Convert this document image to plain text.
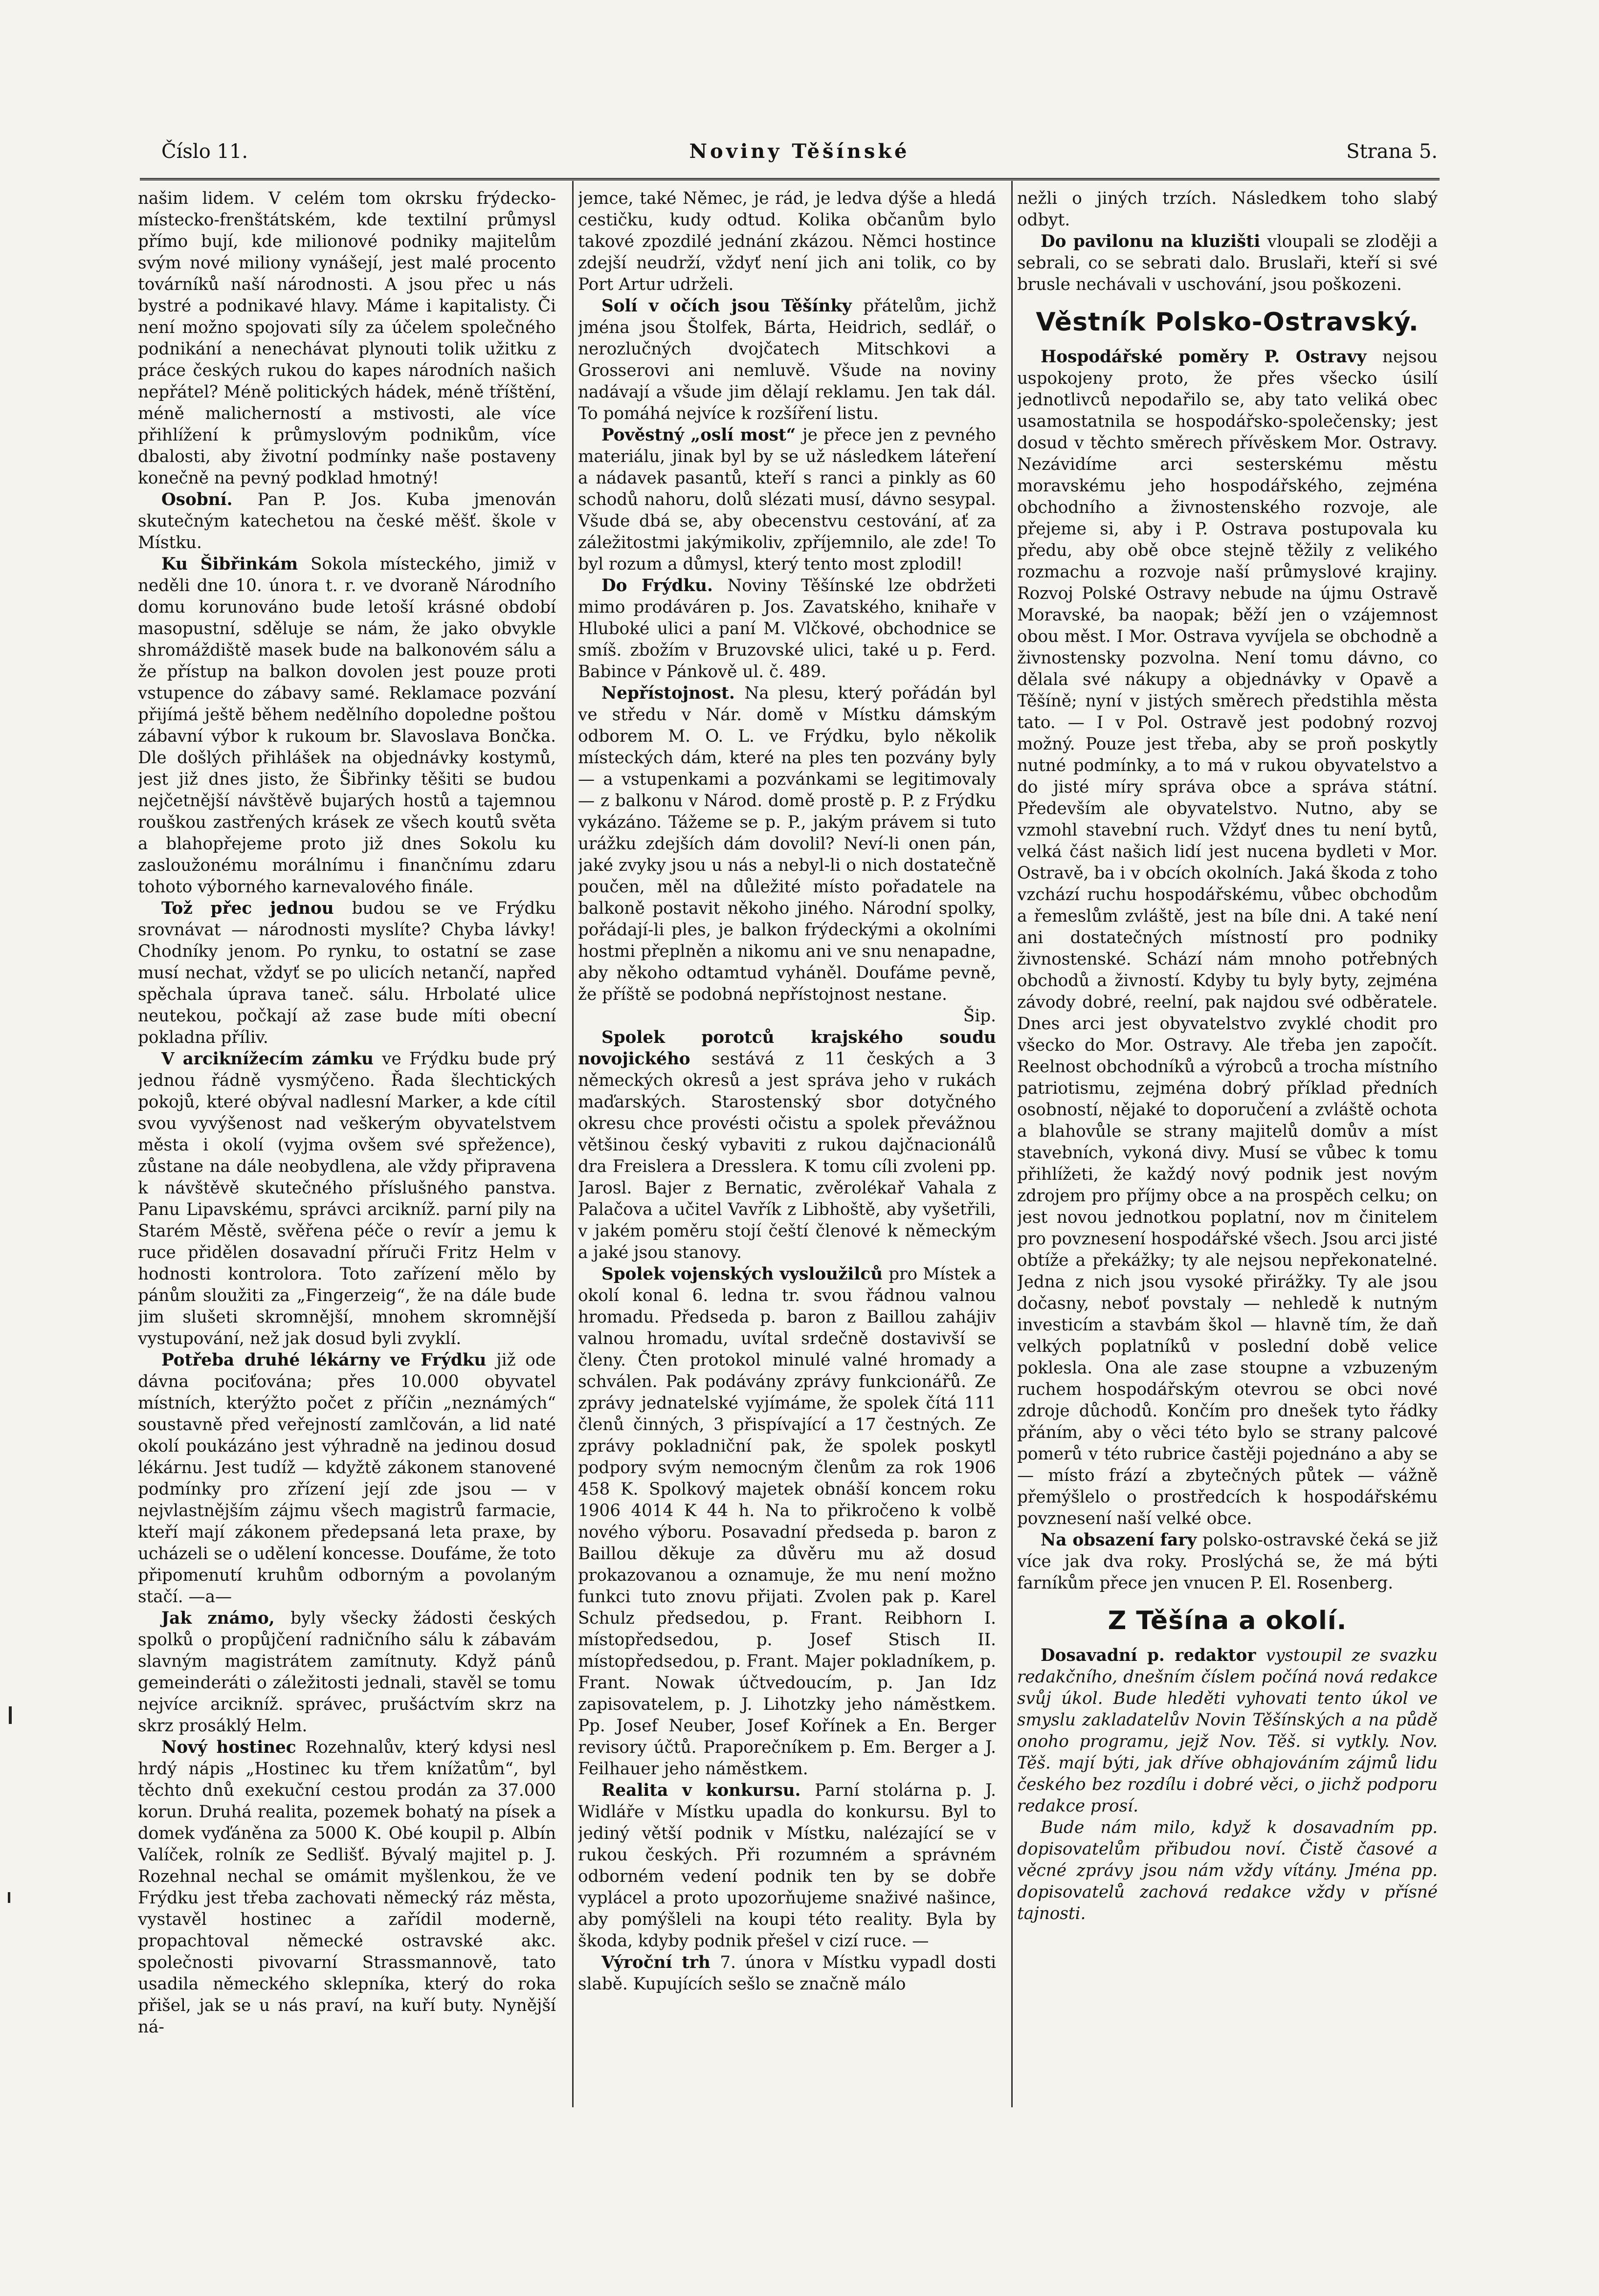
Číslo 11.	Noviny Těšínské	Strana 5.

našim lidem. V celém tom okrsku frýdecko-místecko-frenštátském, kde textilní průmysl přímo bují, kde milionové podniky majitelům svým nové miliony vynášejí, jest malé procento továrníků naší národnosti. A jsou přec u nás bystré a podnikavé hlavy. Máme i kapitalisty. Či není možno spojovati síly za účelem společného podnikání a nenechávat plynouti tolik užitku z práce českých rukou do kapes národních našich nepřátel? Méně politických hádek, méně tříštění, méně malicherností a mstivosti, ale více přihlížení k průmyslovým podnikům, více dbalosti, aby životní podmínky naše postaveny konečně na pevný podklad hmotný!

Osobní. Pan P. Jos. Kuba jmenován skutečným katechetou na české měšť. škole v Místku.

Ku Šibřinkám Sokola místeckého, jimiž v neděli dne 10. února t. r. ve dvoraně Národního domu korunováno bude letoší krásné období masopustní, sděluje se nám, že jako obvykle shromáždiště masek bude na balkonovém sálu a že přístup na balkon dovolen jest pouze proti vstupence do zábavy samé. Reklamace pozvání přijímá ještě během nedělního dopoledne poštou zábavní výbor k rukoum br. Slavoslava Bončka. Dle došlých přihlášek na objednávky kostymů, jest již dnes jisto, že Šibřinky těšiti se budou nejčetnější návštěvě bujarých hostů a tajemnou rouškou zastřených krásek ze všech koutů světa a blahopřejeme proto již dnes Sokolu ku zasloužonému morálnímu i finančnímu zdaru tohoto výborného karnevalového finále.

Tož přec jednou budou se ve Frýdku srovnávat — národnosti myslíte? Chyba lávky! Chodníky jenom. Po rynku, to ostatní se zase musí nechat, vždyť se po ulicích netančí, napřed spěchala úprava taneč. sálu. Hrbolaté ulice neutekou, počkají až zase bude míti obecní pokladna příliv.

V arciknížecím zámku ve Frýdku bude prý jednou řádně vysmýčeno. Řada šlechtických pokojů, které obýval nadlesní Marker, a kde cítil svou vyvýšenost nad veškerým obyvatelstvem města i okolí (vyjma ovšem své spřežence), zůstane na dále neobydlena, ale vždy připravena k návštěvě skutečného příslušného panstva. Panu Lipavskému, správci arcikníž. parní pily na Starém Městě, svěřena péče o revír a jemu k ruce přidělen dosavadní příruči Fritz Helm v hodnosti kontrolora. Toto zařízení mělo by pánům sloužiti za „Fingerzeig“, že na dále bude jim slušeti skromnější, mnohem skromnější vystupování, než jak dosud byli zvyklí.

Potřeba druhé lékárny ve Frýdku již ode dávna pociťována; přes 10.000 obyvatel místních, kterýžto počet z příčin „neznámých“ soustavně před veřejností zamlčován, a lid naté okolí poukázáno jest výhradně na jedinou dosud lékárnu. Jest tudíž — kdyžtě zákonem stanovené podmínky pro zřízení její zde jsou — v nejvlastnějším zájmu všech magistrů farmacie, kteří mají zákonem předepsaná leta praxe, by ucházeli se o udělení koncesse. Doufáme, že toto připomenutí kruhům odborným a povolaným stačí. —a—

Jak známo, byly všecky žádosti českých spolků o propůjčení radničního sálu k zábavám slavným magistrátem zamítnuty. Když pánů gemeinderáti o záležitosti jednali, stavěl se tomu nejvíce arcikníž. správec, prušáctvím skrz na skrz prosáklý Helm.

Nový hostinec Rozehnalův, který kdysi nesl hrdý nápis „Hostinec ku třem knížatům“, byl těchto dnů exekuční cestou prodán za 37.000 korun. Druhá realita, pozemek bohatý na písek a domek vyďáněna za 5000 K. Obé koupil p. Albín Valíček, rolník ze Sedlišť. Bývalý majitel p. J. Rozehnal nechal se omámit myšlenkou, že ve Frýdku jest třeba zachovati německý ráz města, vystavěl hostinec a zařídil moderně, propachtoval německé ostravské akc. společnosti pivovarní Strassmannově, tato usadila německého sklepníka, který do roka přišel, jak se u nás praví, na kuří buty. Nynější ná-

jemce, také Němec, je rád, je ledva dýše a hledá cestičku, kudy odtud. Kolika občanům bylo takové zpozdilé jednání zkázou. Němci hostince zdejší neudrží, vždyť není jich ani tolik, co by Port Artur udrželi.

Solí v očích jsou Těšínky přátelům, jichž jména jsou Štolfek, Bárta, Heidrich, sedlář, o nerozlučných dvojčatech Mitschkovi a Grosserovi ani nemluvě. Všude na noviny nadávají a všude jim dělají reklamu. Jen tak dál. To pomáhá nejvíce k rozšíření listu.

Pověstný „oslí most“ je přece jen z pevného materiálu, jinak byl by se už následkem láteření a nádavek pasantů, kteří s ranci a pinkly as 60 schodů nahoru, dolů slézati musí, dávno sesypal. Všude dbá se, aby obecenstvu cestování, ať za záležitostmi jakýmikoliv, zpříjemnilo, ale zde! To byl rozum a důmysl, který tento most zplodil!

Do Frýdku. Noviny Těšínské lze obdržeti mimo prodáváren p. Jos. Zavatského, knihaře v Hluboké ulici a paní M. Vlčkové, obchodnice se smíš. zbožím v Bruzovské ulici, také u p. Ferd. Babince v Pánkově ul. č. 489.

Nepřístojnost. Na plesu, který pořádán byl ve středu v Nár. domě v Místku dámským odborem M. O. L. ve Frýdku, bylo několik místeckých dám, které na ples ten pozvány byly — a vstupenkami a pozvánkami se legitimovaly — z balkonu v Národ. domě prostě p. P. z Frýdku vykázáno. Tážeme se p. P., jakým právem si tuto urážku zdejších dám dovolil? Neví-li onen pán, jaké zvyky jsou u nás a nebyl-li o nich dostatečně poučen, měl na důležité místo pořadatele na balkoně postavit někoho jiného. Národní spolky, pořádají-li ples, je balkon frýdeckými a okolními hostmi přeplněn a nikomu ani ve snu nenapadne, aby někoho odtamtud vyháněl. Doufáme pevně, že příště se podobná nepřístojnost nestane.

Šip.

Spolek porotců krajského soudu novojického sestává z 11 českých a 3 německých okresů a jest správa jeho v rukách maďarských. Starostenský sbor dotyčného okresu chce provésti očistu a spolek převážnou většinou český vybaviti z rukou dajčnacionálů dra Freislera a Dresslera. K tomu cíli zvoleni pp. Jarosl. Bajer z Bernatic, zvěrolékař Vahala z Palačova a učitel Vavřík z Libhoště, aby vyšetřili, v jakém poměru stojí čeští členové k německým a jaké jsou stanovy.

Spolek vojenských vysloužilců pro Místek a okolí konal 6. ledna tr. svou řádnou valnou hromadu. Předseda p. baron z Baillou zahájiv valnou hromadu, uvítal srdečně dostavivší se členy. Čten protokol minulé valné hromady a schválen. Pak podávány zprávy funkcionářů. Ze zprávy jednatelské vyjímáme, že spolek čítá 111 členů činných, 3 přispívající a 17 čestných. Ze zprávy pokladniční pak, že spolek poskytl podpory svým nemocným členům za rok 1906 458 K. Spolkový majetek obnáší koncem roku 1906 4014 K 44 h. Na to přikročeno k volbě nového výboru. Posavadní předseda p. baron z Baillou děkuje za důvěru mu až dosud prokazovanou a oznamuje, že mu není možno funkci tuto znovu přijati. Zvolen pak p. Karel Schulz předsedou, p. Frant. Reibhorn I. místopředsedou, p. Josef Stisch II. místopředsedou, p. Frant. Majer pokladníkem, p. Frant. Nowak účtvedoucím, p. Jan Idz zapisovatelem, p. J. Lihotzky jeho náměstkem. Pp. Josef Neuber, Josef Kořínek a En. Berger revisory účtů. Praporečníkem p. Em. Berger a J. Feilhauer jeho náměstkem.

Realita v konkursu. Parní stolárna p. J. Widláře v Místku upadla do konkursu. Byl to jediný větší podnik v Místku, nalézající se v rukou českých. Při rozumném a správném odborném vedení podnik ten by se dobře vyplácel a proto upozorňujeme snaživé našince, aby pomýšleli na koupi této reality. Byla by škoda, kdyby podnik přešel v cizí ruce. —

Výroční trh 7. února v Místku vypadl dosti slabě. Kupujících sešlo se značně málo

nežli o jiných trzích. Následkem toho slabý odbyt.

Do pavilonu na kluzišti vloupali se zloději a sebrali, co se sebrati dalo. Bruslaři, kteří si své brusle nechávali v uschování, jsou poškozeni.

Věstník Polsko-Ostravský.

Hospodářské poměry P. Ostravy nejsou uspokojeny proto, že přes všecko úsilí jednotlivců nepodařilo se, aby tato veliká obec usamostatnila se hospodářsko-společensky; jest dosud v těchto směrech přívěskem Mor. Ostravy. Nezávidíme arci sesterskému městu moravskému jeho hospodářského, zejména obchodního a živnostenského rozvoje, ale přejeme si, aby i P. Ostrava postupovala ku předu, aby obě obce stejně těžily z velikého rozmachu a rozvoje naší průmyslové krajiny. Rozvoj Polské Ostravy nebude na újmu Ostravě Moravské, ba naopak; běží jen o vzájemnost obou měst. I Mor. Ostrava vyvíjela se obchodně a živnostensky pozvolna. Není tomu dávno, co dělala své nákupy a objednávky v Opavě a Těšíně; nyní v jistých směrech předstihla města tato. — I v Pol. Ostravě jest podobný rozvoj možný. Pouze jest třeba, aby se proň poskytly nutné podmínky, a to má v rukou obyvatelstvo a do jisté míry správa obce a správa státní. Především ale obyvatelstvo. Nutno, aby se vzmohl stavební ruch. Vždyť dnes tu není bytů, velká část našich lidí jest nucena bydleti v Mor. Ostravě, ba i v obcích okolních. Jaká škoda z toho vzchází ruchu hospodářskému, vůbec obchodům a řemeslům zvláště, jest na bíle dni. A také není ani dostatečných místností pro podniky živnostenské. Schází nám mnoho potřebných obchodů a živností. Kdyby tu byly byty, zejména závody dobré, reelní, pak najdou své odběratele. Dnes arci jest obyvatelstvo zvyklé chodit pro všecko do Mor. Ostravy. Ale třeba jen započít. Reelnost obchodníků a výrobců a trocha místního patriotismu, zejména dobrý příklad předních osobností, nějaké to doporučení a zvláště ochota a blahovůle se strany majitelů domův a míst stavebních, vykoná divy. Musí se vůbec k tomu přihlížeti, že každý nový podnik jest novým zdrojem pro příjmy obce a na prospěch celku; on jest novou jednotkou poplatní, nov m činitelem pro povznesení hospodářské všech. Jsou arci jisté obtíže a překážky; ty ale nejsou nepřekonatelné. Jedna z nich jsou vysoké přirážky. Ty ale jsou dočasny, neboť povstaly — nehledě k nutným investicím a stavbám škol — hlavně tím, že daň velkých poplatníků v poslední době velice poklesla. Ona ale zase stoupne a vzbuzeným ruchem hospodářským otevrou se obci nové zdroje důchodů. Končím pro dnešek tyto řádky přáním, aby o věci této bylo se strany palcové pomerů v této rubrice častěji pojednáno a aby se — místo frází a zbytečných půtek — vážně přemýšlelo o prostředcích k hospodářskému povznesení naší velké obce.

Na obsazení fary polsko-ostravské čeká se již více jak dva roky. Proslýchá se, že má býti farníkům přece jen vnucen P. El. Rosenberg.

Z Těšína a okolí.

Dosavadní p. redaktor vystoupil ze svazku redakčního, dnešním číslem počíná nová redakce svůj úkol. Bude hleděti vyhovati tento úkol ve smyslu zakladatelův Novin Těšínských a na půdě onoho programu, jejž Nov. Těš. si vytkly. Nov. Těš. mají býti, jak dříve obhajováním zájmů lidu českého bez rozdílu i dobré věci, o jichž podporu redakce prosí.

Bude nám milo, když k dosavadním pp. dopisovatelům přibudou noví. Čistě časové a věcné zprávy jsou nám vždy vítány. Jména pp. dopisovatelů zachová redakce vždy v přísné tajnosti.
